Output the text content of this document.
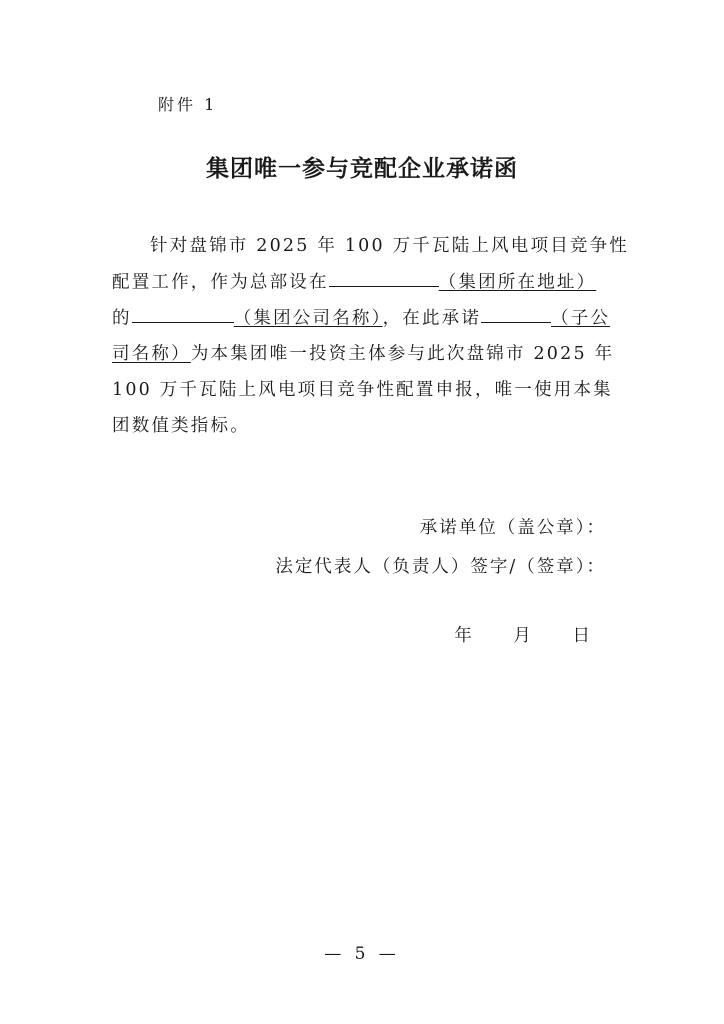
附件 1
集团唯一参与竞配企业承诺函
针对盘锦市 2025 年 100 万千瓦陆上风电项目竞争性
配置工作，作为总部设在	（集团所在地址）
的	（集团公司名称），在此承诺	（子公
司名称）为本集团唯一投资主体参与此次盘锦市 2025 年
100 万千瓦陆上风电项目竞争性配置申报，唯一使用本集
团数值类指标。
承诺单位（盖公章）：
法定代表人（负责人）签字/（签章）：
年 月 日
— 5 —
